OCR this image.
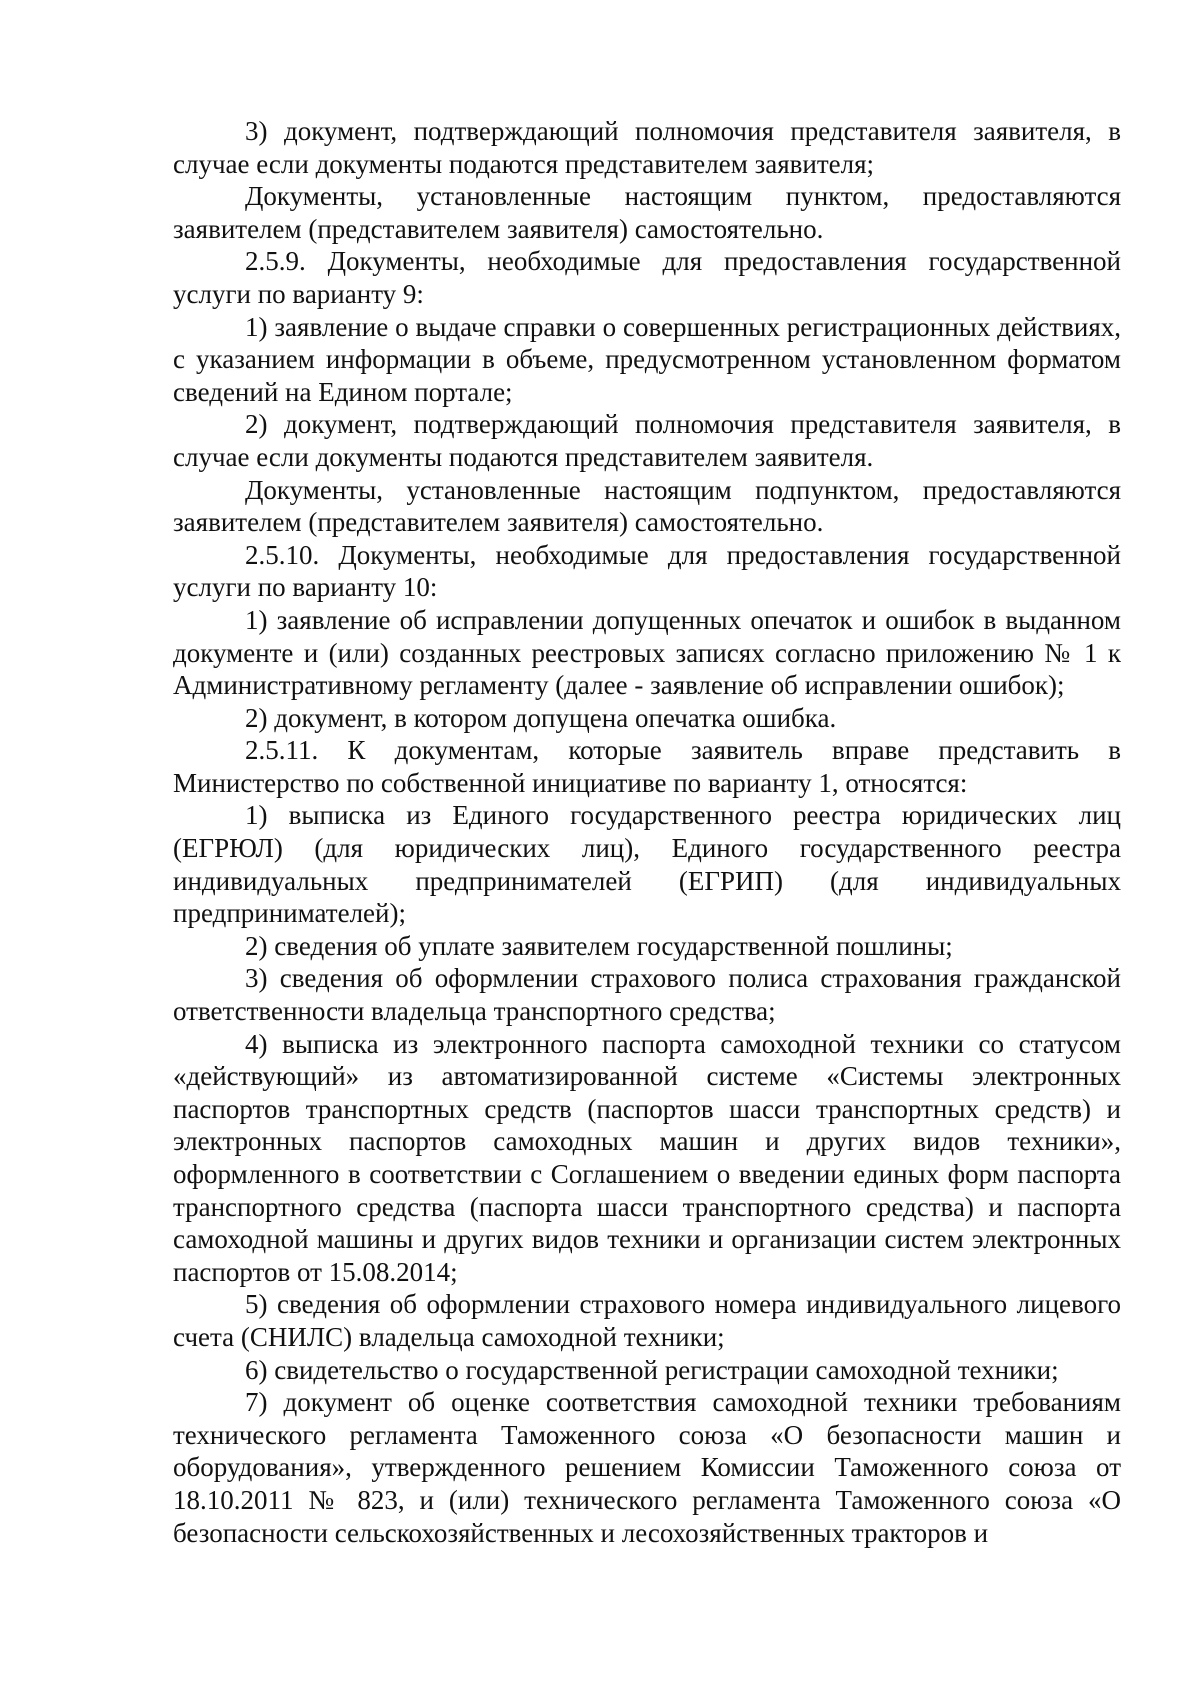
3) документ, подтверждающий полномочия представителя заявителя, в случае если документы подаются представителем заявителя;

Документы, установленные настоящим пунктом, предоставляются заявителем (представителем заявителя) самостоятельно.

2.5.9. Документы, необходимые для предоставления государственной услуги по варианту 9:

1) заявление о выдаче справки о совершенных регистрационных действиях, с указанием информации в объеме, предусмотренном установленном форматом сведений на Едином портале;

2) документ, подтверждающий полномочия представителя заявителя, в случае если документы подаются представителем заявителя.

Документы, установленные настоящим подпунктом, предоставляются заявителем (представителем заявителя) самостоятельно.

2.5.10. Документы, необходимые для предоставления государственной услуги по варианту 10:

1) заявление об исправлении допущенных опечаток и ошибок в выданном документе и (или) созданных реестровых записях согласно приложению № 1 к Административному регламенту (далее - заявление об исправлении ошибок);

2) документ, в котором допущена опечатка ошибка.

2.5.11. К документам, которые заявитель вправе представить в Министерство по собственной инициативе по варианту 1, относятся:

1) выписка из Единого государственного реестра юридических лиц (ЕГРЮЛ) (для юридических лиц), Единого государственного реестра индивидуальных предпринимателей (ЕГРИП) (для индивидуальных предпринимателей);

2) сведения об уплате заявителем государственной пошлины;

3) сведения об оформлении страхового полиса страхования гражданской ответственности владельца транспортного средства;

4) выписка из электронного паспорта самоходной техники со статусом «действующий» из автоматизированной системе «Системы электронных паспортов транспортных средств (паспортов шасси транспортных средств) и электронных паспортов самоходных машин и других видов техники», оформленного в соответствии с Соглашением о введении единых форм паспорта транспортного средства (паспорта шасси транспортного средства) и паспорта самоходной машины и других видов техники и организации систем электронных паспортов от 15.08.2014;

5) сведения об оформлении страхового номера индивидуального лицевого счета (СНИЛС) владельца самоходной техники;

6) свидетельство о государственной регистрации самоходной техники;

7) документ об оценке соответствия самоходной техники требованиям технического регламента Таможенного союза «О безопасности машин и оборудования», утвержденного решением Комиссии Таможенного союза от 18.10.2011 № 823, и (или) технического регламента Таможенного союза «О безопасности сельскохозяйственных и лесохозяйственных тракторов и
